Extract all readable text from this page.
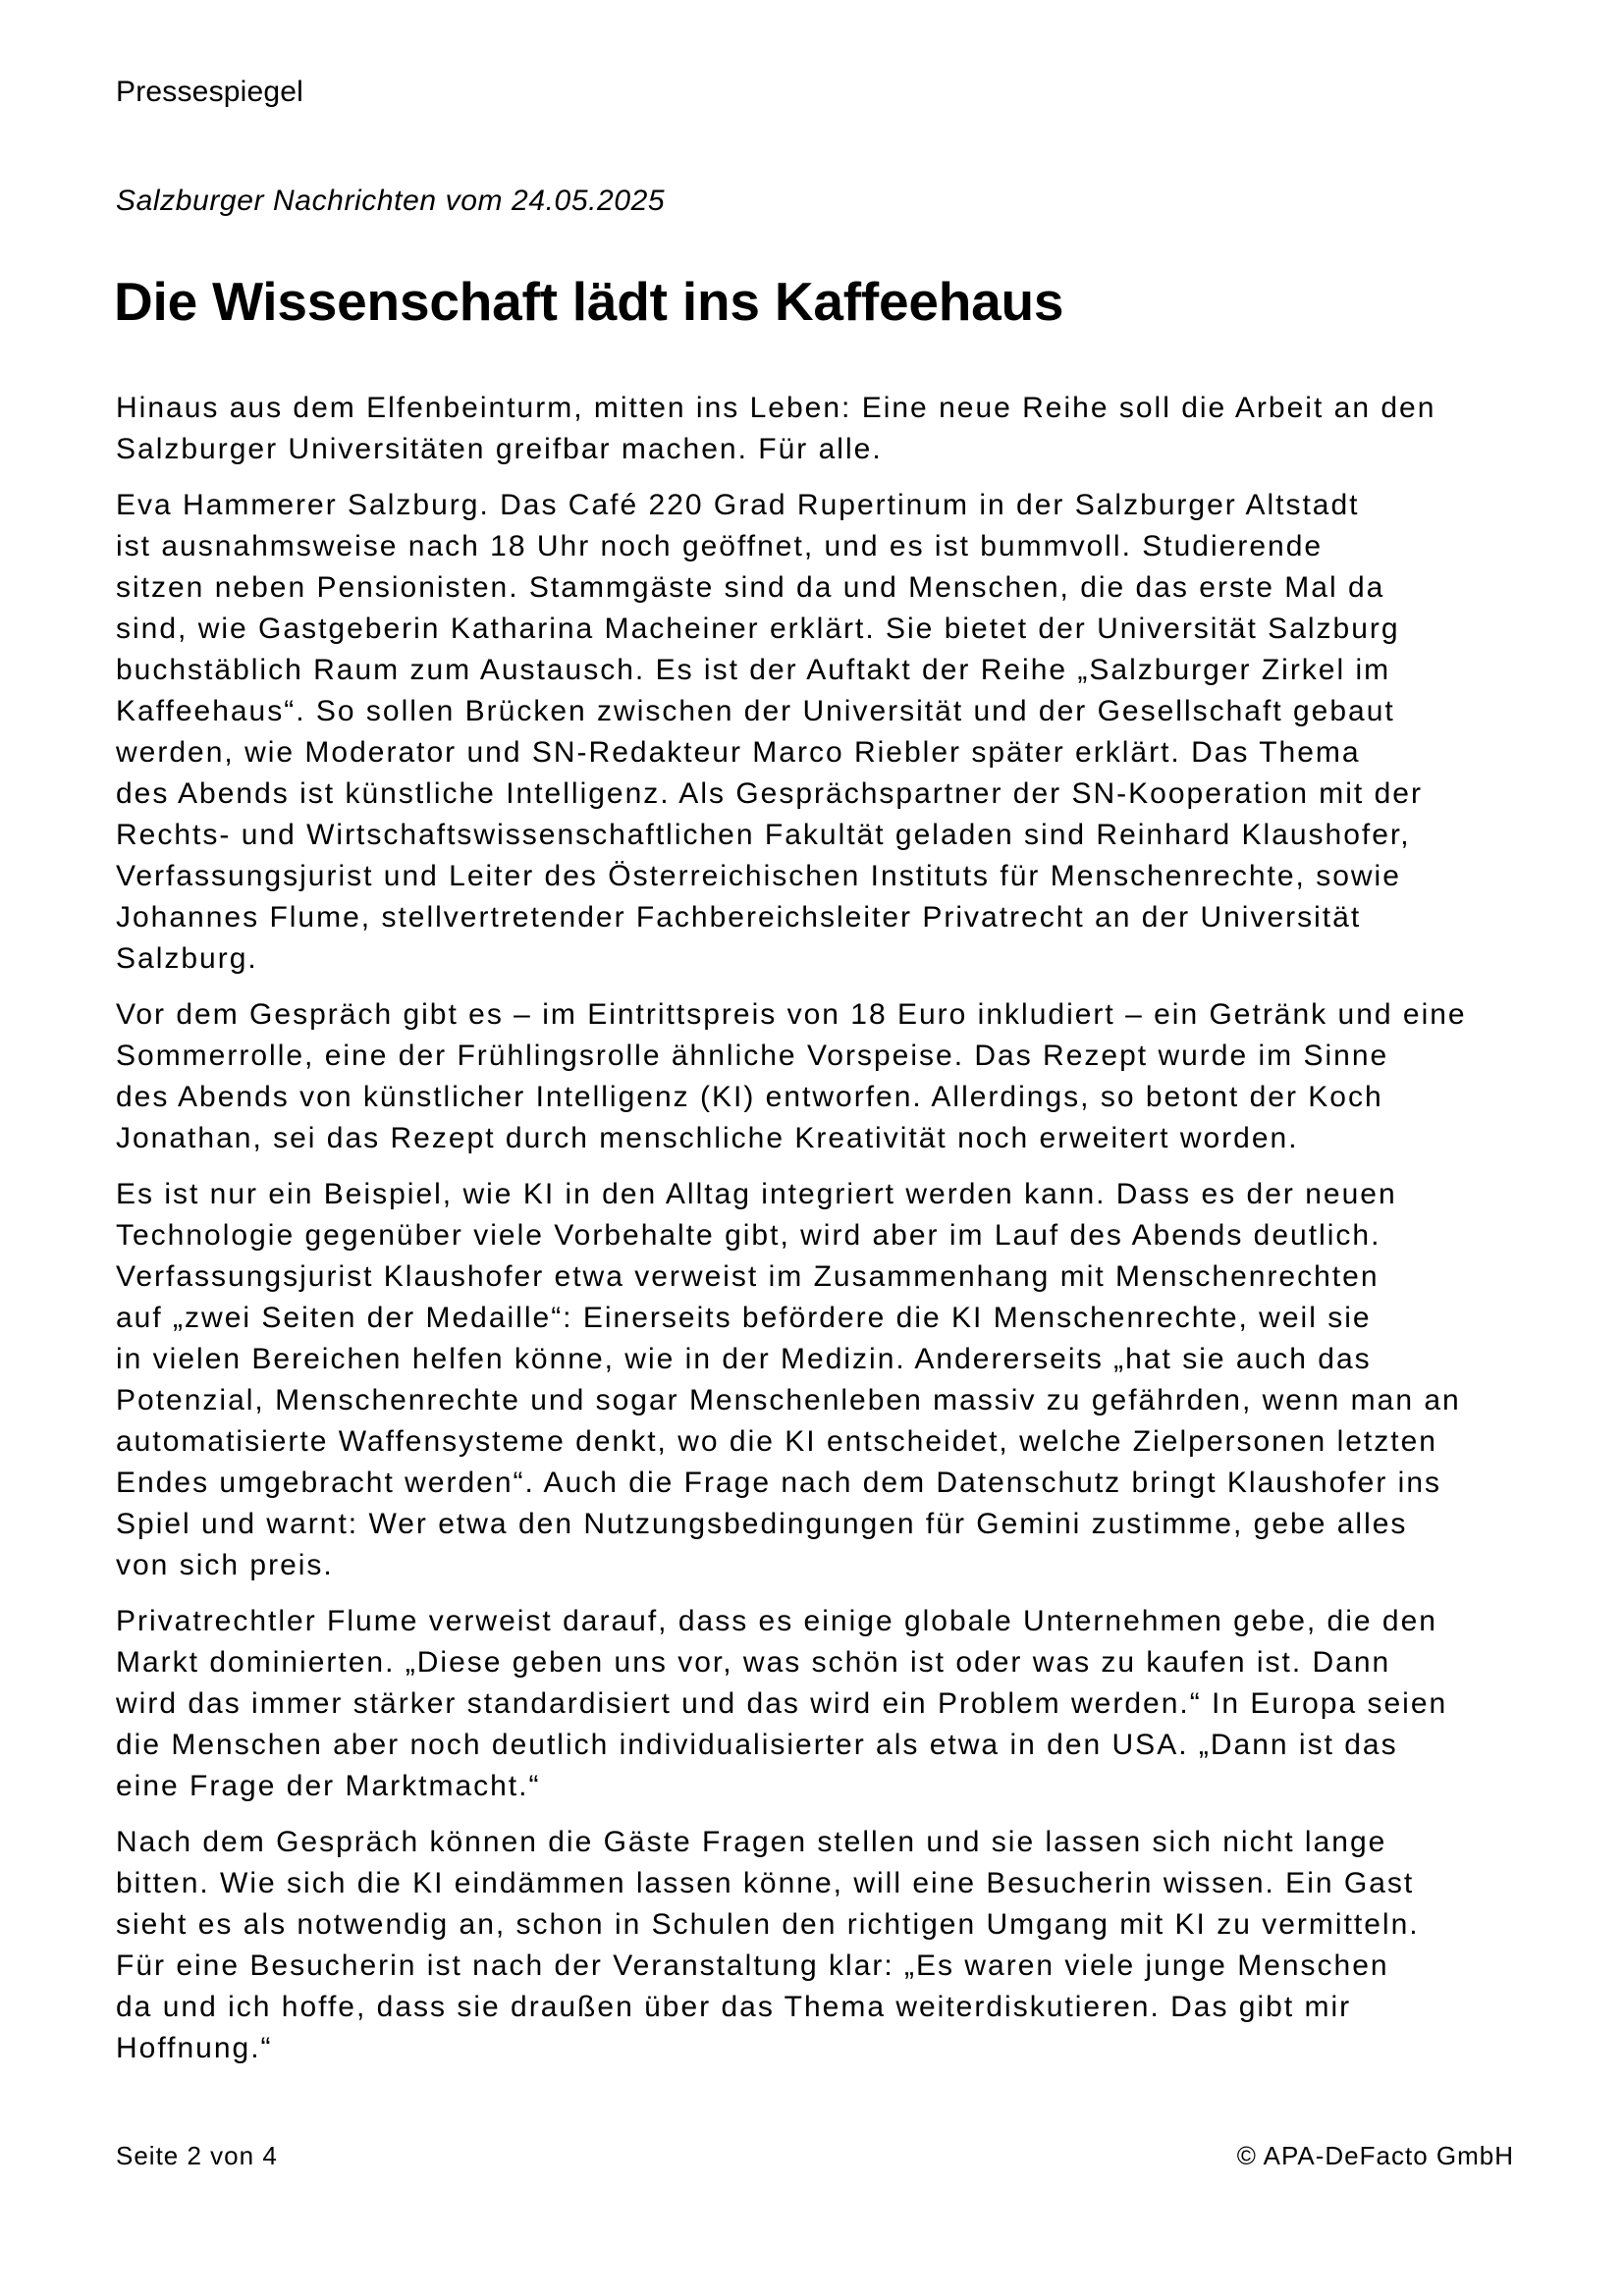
Pressespiegel
Salzburger Nachrichten vom 24.05.2025
Die Wissenschaft lädt ins Kaffeehaus
Hinaus aus dem Elfenbeinturm, mitten ins Leben: Eine neue Reihe soll die Arbeit an den
Salzburger Universitäten greifbar machen. Für alle.
Eva Hammerer Salzburg. Das Café 220 Grad Rupertinum in der Salzburger Altstadt
ist ausnahmsweise nach 18 Uhr noch geöffnet, und es ist bummvoll. Studierende
sitzen neben Pensionisten. Stammgäste sind da und Menschen, die das erste Mal da
sind, wie Gastgeberin Katharina Macheiner erklärt. Sie bietet der Universität Salzburg
buchstäblich Raum zum Austausch. Es ist der Auftakt der Reihe „Salzburger Zirkel im
Kaffeehaus“. So sollen Brücken zwischen der Universität und der Gesellschaft gebaut
werden, wie Moderator und SN-Redakteur Marco Riebler später erklärt. Das Thema
des Abends ist künstliche Intelligenz. Als Gesprächspartner der SN-Kooperation mit der
Rechts- und Wirtschaftswissenschaftlichen Fakultät geladen sind Reinhard Klaushofer,
Verfassungsjurist und Leiter des Österreichischen Instituts für Menschenrechte, sowie
Johannes Flume, stellvertretender Fachbereichsleiter Privatrecht an der Universität
Salzburg.
Vor dem Gespräch gibt es – im Eintrittspreis von 18 Euro inkludiert – ein Getränk und eine
Sommerrolle, eine der Frühlingsrolle ähnliche Vorspeise. Das Rezept wurde im Sinne
des Abends von künstlicher Intelligenz (KI) entworfen. Allerdings, so betont der Koch
Jonathan, sei das Rezept durch menschliche Kreativität noch erweitert worden.
Es ist nur ein Beispiel, wie KI in den Alltag integriert werden kann. Dass es der neuen
Technologie gegenüber viele Vorbehalte gibt, wird aber im Lauf des Abends deutlich.
Verfassungsjurist Klaushofer etwa verweist im Zusammenhang mit Menschenrechten
auf „zwei Seiten der Medaille“: Einerseits befördere die KI Menschenrechte, weil sie
in vielen Bereichen helfen könne, wie in der Medizin. Andererseits „hat sie auch das
Potenzial, Menschenrechte und sogar Menschenleben massiv zu gefährden, wenn man an
automatisierte Waffensysteme denkt, wo die KI entscheidet, welche Zielpersonen letzten
Endes umgebracht werden“. Auch die Frage nach dem Datenschutz bringt Klaushofer ins
Spiel und warnt: Wer etwa den Nutzungsbedingungen für Gemini zustimme, gebe alles
von sich preis.
Privatrechtler Flume verweist darauf, dass es einige globale Unternehmen gebe, die den
Markt dominierten. „Diese geben uns vor, was schön ist oder was zu kaufen ist. Dann
wird das immer stärker standardisiert und das wird ein Problem werden.“ In Europa seien
die Menschen aber noch deutlich individualisierter als etwa in den USA. „Dann ist das
eine Frage der Marktmacht.“
Nach dem Gespräch können die Gäste Fragen stellen und sie lassen sich nicht lange
bitten. Wie sich die KI eindämmen lassen könne, will eine Besucherin wissen. Ein Gast
sieht es als notwendig an, schon in Schulen den richtigen Umgang mit KI zu vermitteln.
Für eine Besucherin ist nach der Veranstaltung klar: „Es waren viele junge Menschen
da und ich hoffe, dass sie draußen über das Thema weiterdiskutieren. Das gibt mir
Hoffnung.“
Seite 2 von 4	© APA-DeFacto GmbH
